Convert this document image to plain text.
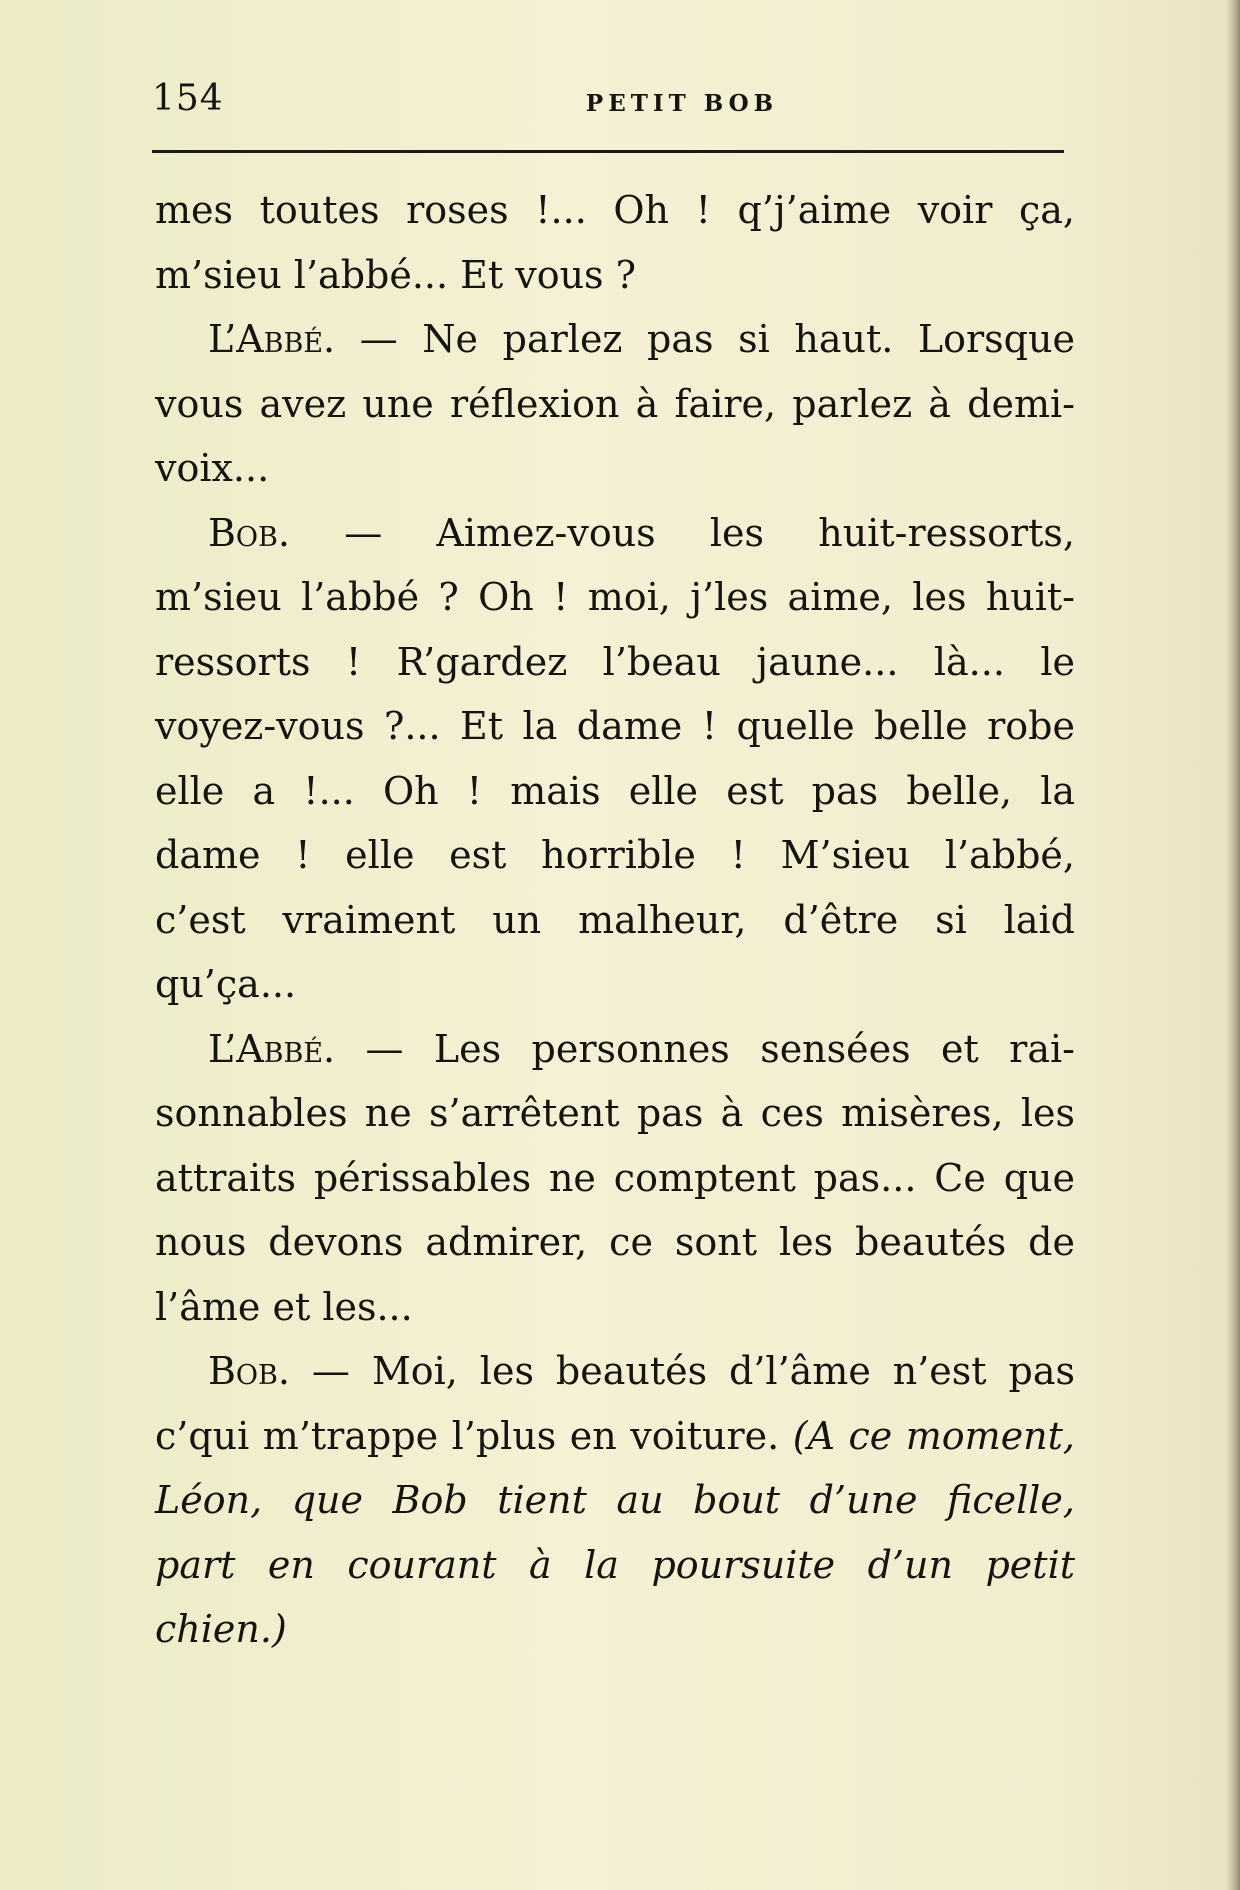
154	PETIT BOB
mes toutes roses !... Oh ! q’j’aime voir ça,
m’sieu l’abbé... Et vous ?
L’Abbé. — Ne parlez pas si haut. Lorsque
vous avez une réflexion à faire, parlez à demi-
voix...
Bob. — Aimez-vous les huit-ressorts,
m’sieu l’abbé ? Oh ! moi, j’les aime, les huit-
ressorts ! R’gardez l’beau jaune... là... le
voyez-vous ?... Et la dame ! quelle belle robe
elle a !... Oh ! mais elle est pas belle, la
dame ! elle est horrible ! M’sieu l’abbé,
c’est vraiment un malheur, d’être si laid
qu’ça...
L’Abbé. — Les personnes sensées et rai-
sonnables ne s’arrêtent pas à ces misères, les
attraits périssables ne comptent pas... Ce que
nous devons admirer, ce sont les beautés de
l’âme et les...
Bob. — Moi, les beautés d’l’âme n’est pas
c’qui m’trappe l’plus en voiture. (A ce moment,
Léon, que Bob tient au bout d’une ficelle,
part en courant à la poursuite d’un petit
chien.)
